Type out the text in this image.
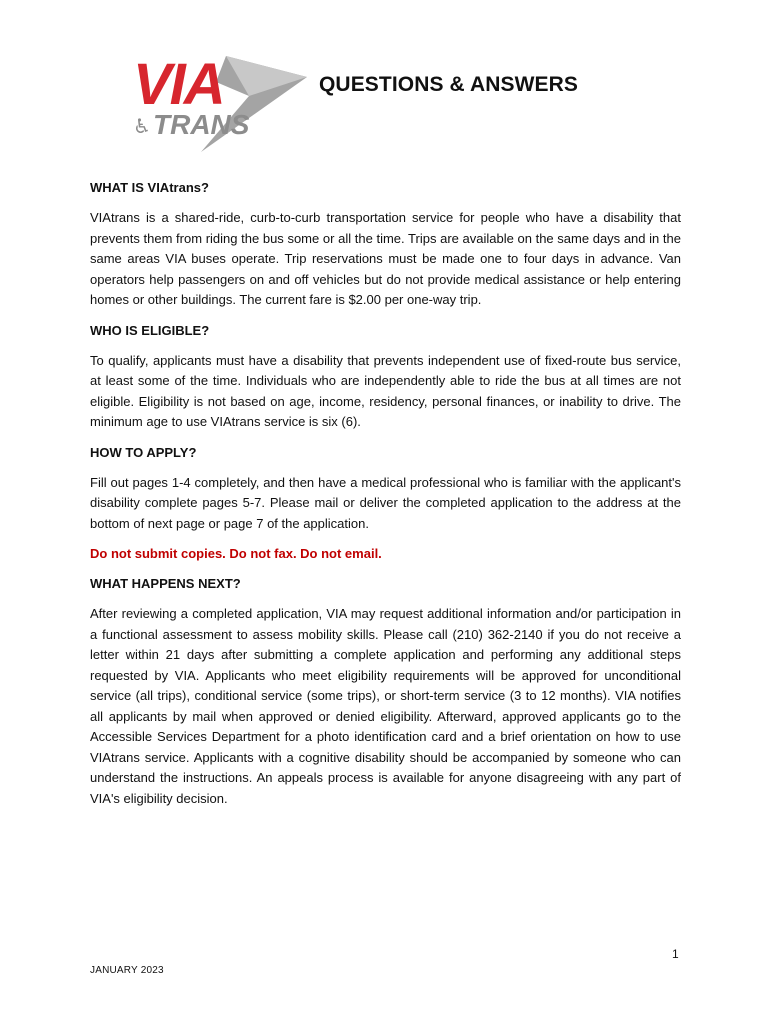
VIA
♿ TRANS
QUESTIONS & ANSWERS
WHAT IS VIAtrans?

VIAtrans is a shared-ride, curb-to-curb transportation service for people who have a disability that prevents them from riding the bus some or all the time. Trips are available on the same days and in the same areas VIA buses operate. Trip reservations must be made one to four days in advance. Van operators help passengers on and off vehicles but do not provide medical assistance or help entering homes or other buildings. The current fare is $2.00 per one-way trip.

WHO IS ELIGIBLE?

To qualify, applicants must have a disability that prevents independent use of fixed-route bus service, at least some of the time. Individuals who are independently able to ride the bus at all times are not eligible. Eligibility is not based on age, income, residency, personal finances, or inability to drive. The minimum age to use VIAtrans service is six (6).

HOW TO APPLY?

Fill out pages 1-4 completely, and then have a medical professional who is familiar with the applicant's disability complete pages 5-7. Please mail or deliver the completed application to the address at the bottom of next page or page 7 of the application.

Do not submit copies. Do not fax. Do not email.
WHAT HAPPENS NEXT?

After reviewing a completed application, VIA may request additional information and/or participation in a functional assessment to assess mobility skills. Please call (210) 362-2140 if you do not receive a letter within 21 days after submitting a complete application and performing any additional steps requested by VIA. Applicants who meet eligibility requirements will be approved for unconditional service (all trips), conditional service (some trips), or short-term service (3 to 12 months). VIA notifies all applicants by mail when approved or denied eligibility. Afterward, approved applicants go to the Accessible Services Department for a photo identification card and a brief orientation on how to use VIAtrans service. Applicants with a cognitive disability should be accompanied by someone who can understand the instructions. An appeals process is available for anyone disagreeing with any part of VIA's eligibility decision.

1
JANUARY 2023
